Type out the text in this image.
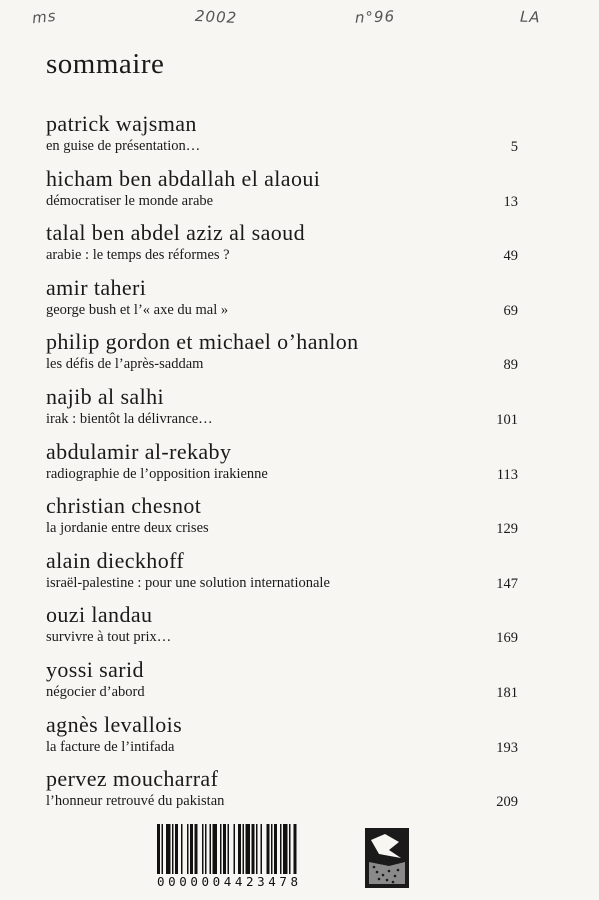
ms	2002	n°96	LA
sommaire
patrick wajsman
en guise de présentation…	5
hicham ben abdallah el alaoui
démocratiser le monde arabe	13
talal ben abdel aziz al saoud
arabie : le temps des réformes ?	49
amir taheri
george bush et l’« axe du mal »	69
philip gordon et michael o’hanlon
les défis de l’après-saddam	89
najib al salhi
irak : bientôt la délivrance…	101
abdulamir al-rekaby
radiographie de l’opposition irakienne	113
christian chesnot
la jordanie entre deux crises	129
alain dieckhoff
israël-palestine : pour une solution internationale	147
ouzi landau
survivre à tout prix…	169
yossi sarid
négocier d’abord	181
agnès levallois
la facture de l’intifada	193
pervez moucharraf
l’honneur retrouvé du pakistan	209
0000004423478
